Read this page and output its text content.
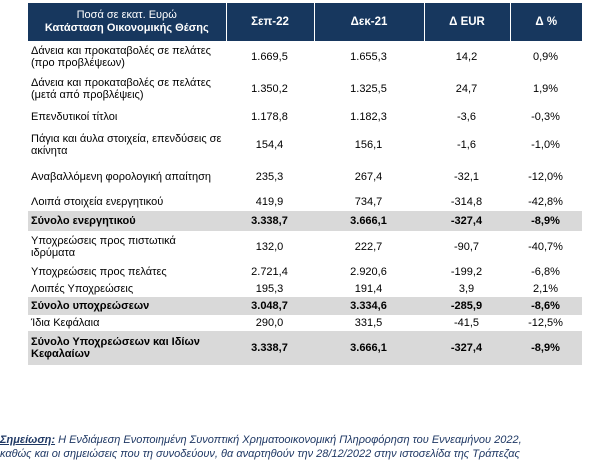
Ποσά σε εκατ. Ευρώ
Κατάσταση Οικονομικής Θέσης	Σεπ-22	Δεκ-21	Δ EUR	Δ %
Δάνεια και προκαταβολές σε πελάτες (προ προβλέψεων)	1.669,5	1.655,3	14,2	0,9%
Δάνεια και προκαταβολές σε πελάτες (μετά από προβλέψεις)	1.350,2	1.325,5	24,7	1,9%
Επενδυτικοί τίτλοι	1.178,8	1.182,3	-3,6	-0,3%
Πάγια και άυλα στοιχεία, επενδύσεις σε ακίνητα	154,4	156,1	-1,6	-1,0%
Αναβαλλόμενη φορολογική απαίτηση	235,3	267,4	-32,1	-12,0%
Λοιπά στοιχεία ενεργητικού	419,9	734,7	-314,8	-42,8%
Σύνολο ενεργητικού	3.338,7	3.666,1	-327,4	-8,9%
Υποχρεώσεις προς πιστωτικά ιδρύματα	132,0	222,7	-90,7	-40,7%
Υποχρεώσεις προς πελάτες	2.721,4	2.920,6	-199,2	-6,8%
Λοιπές Υποχρεώσεις	195,3	191,4	3,9	2,1%
Σύνολο υποχρεώσεων	3.048,7	3.334,6	-285,9	-8,6%
Ίδια Κεφάλαια	290,0	331,5	-41,5	-12,5%
Σύνολο Υποχρεώσεων και Ιδίων Κεφαλαίων	3.338,7	3.666,1	-327,4	-8,9%
Σημείωση: Η Ενδιάμεση Ενοποιημένη Συνοπτική Χρηματοοικονομική Πληροφόρηση του Εννεαμήνου 2022,
καθώς και οι σημειώσεις που τη συνοδεύουν, θα αναρτηθούν την 28/12/2022 στην ιστοσελίδα της Τράπεζας
